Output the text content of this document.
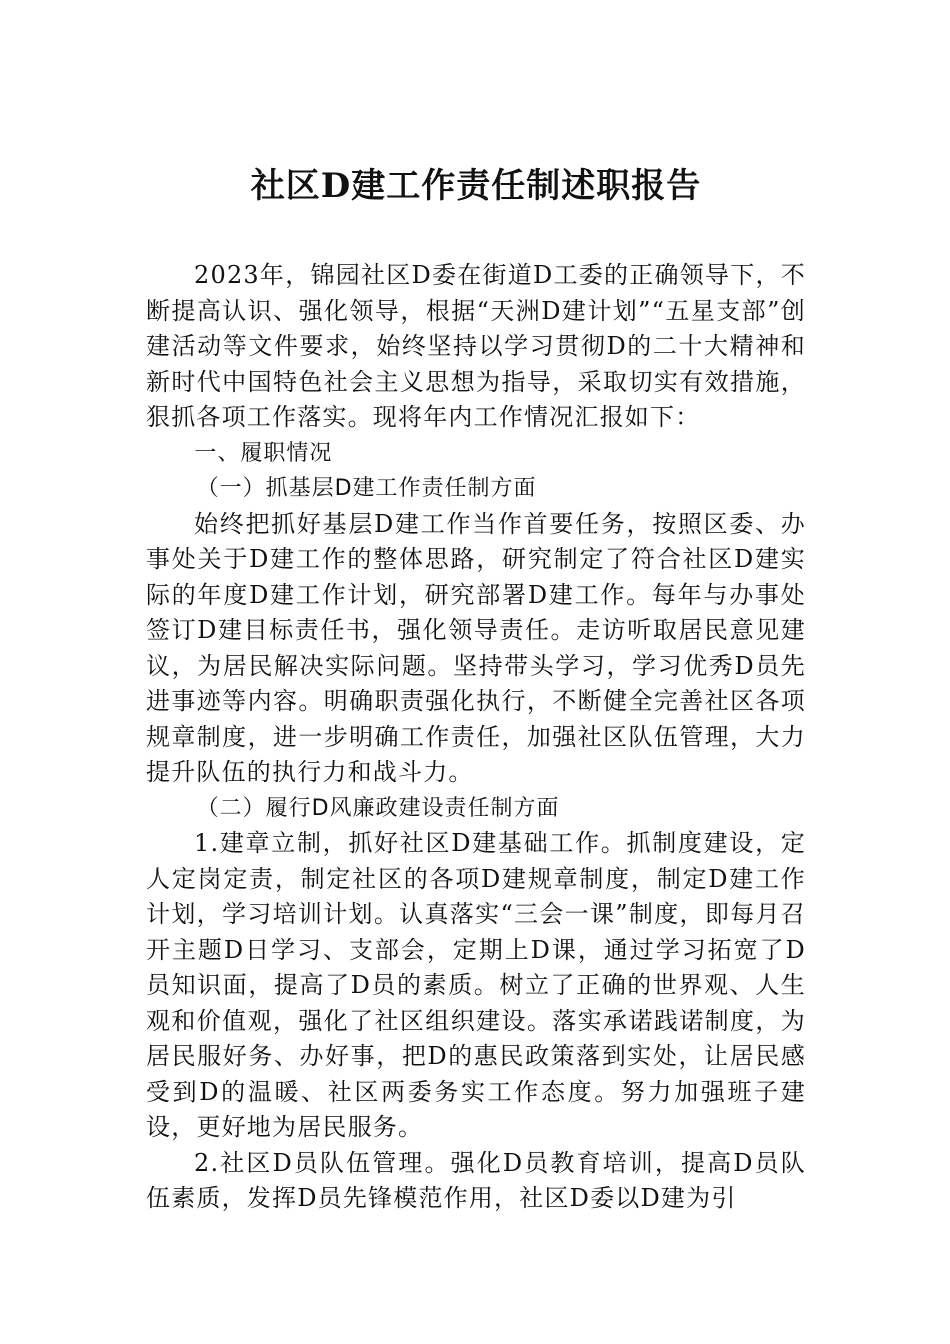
社区D建工作责任制述职报告

2023年，锦园社区D委在街道D工委的正确领导下，不断提高认识、强化领导，根据“天洲D建计划”“五星支部”创建活动等文件要求，始终坚持以学习贯彻D的二十大精神和新时代中国特色社会主义思想为指导，采取切实有效措施，狠抓各项工作落实。现将年内工作情况汇报如下：

一、履职情况

（一）抓基层D建工作责任制方面

始终把抓好基层D建工作当作首要任务，按照区委、办事处关于D建工作的整体思路，研究制定了符合社区D建实际的年度D建工作计划，研究部署D建工作。每年与办事处签订D建目标责任书，强化领导责任。走访听取居民意见建议，为居民解决实际问题。坚持带头学习，学习优秀D员先进事迹等内容。明确职责强化执行，不断健全完善社区各项规章制度，进一步明确工作责任，加强社区队伍管理，大力提升队伍的执行力和战斗力。

（二）履行D风廉政建设责任制方面

1.建章立制，抓好社区D建基础工作。抓制度建设，定人定岗定责，制定社区的各项D建规章制度，制定D建工作计划，学习培训计划。认真落实“三会一课”制度，即每月召开主题D日学习、支部会，定期上D课，通过学习拓宽了D员知识面，提高了D员的素质。树立了正确的世界观、人生观和价值观，强化了社区组织建设。落实承诺践诺制度，为居民服好务、办好事，把D的惠民政策落到实处，让居民感受到D的温暖、社区两委务实工作态度。努力加强班子建设，更好地为居民服务。

2.社区D员队伍管理。强化D员教育培训，提高D员队伍素质，发挥D员先锋模范作用，社区D委以D建为引
